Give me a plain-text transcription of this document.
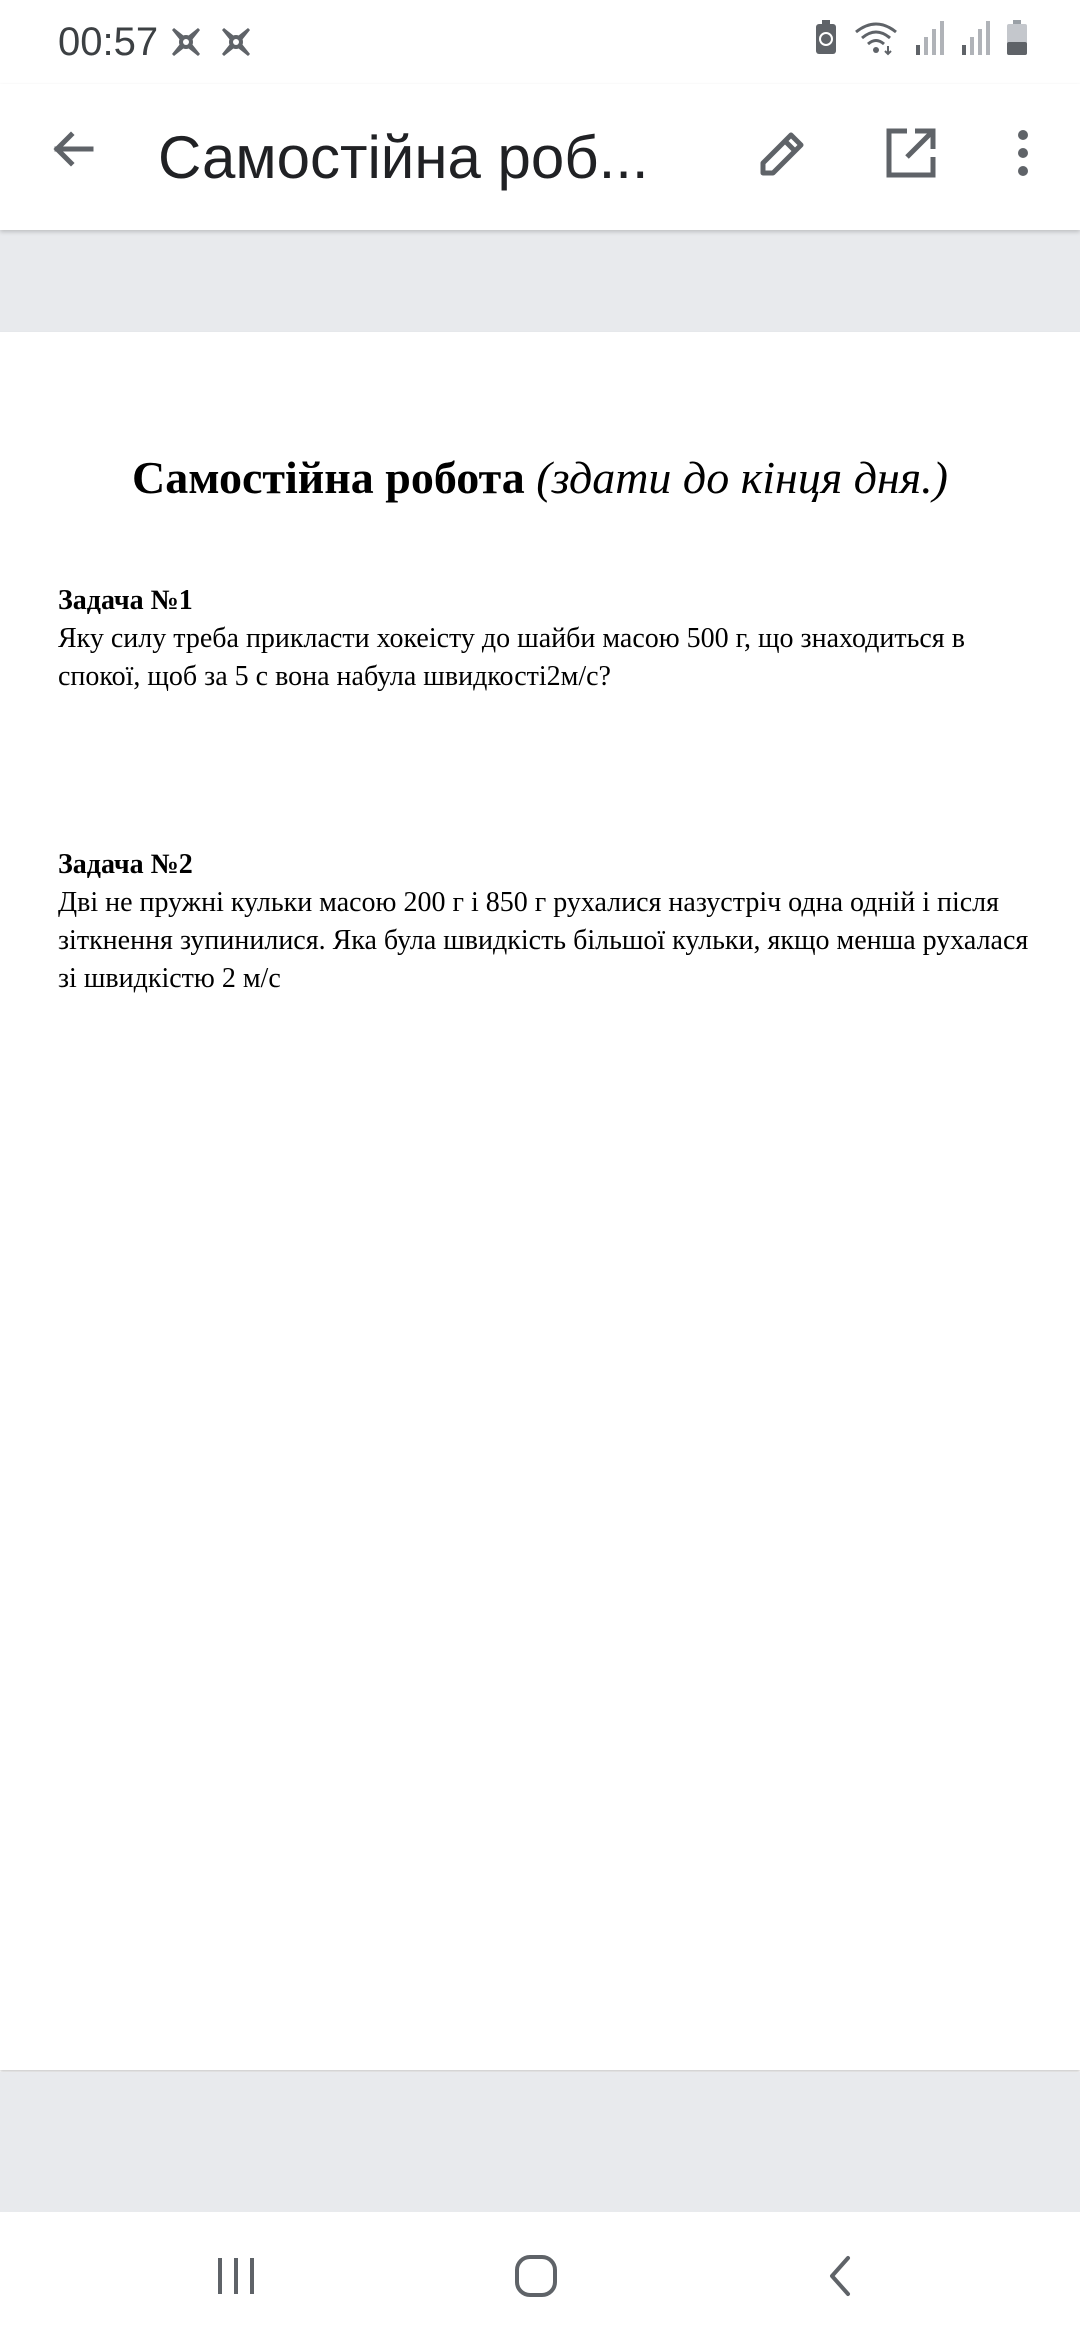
00:57
Самостійна роб...
Самостійна робота (здати до кінця дня.)
Задача №1
Яку силу треба прикласти хокеісту до шайби масою 500 г, що знаходиться в спокої, щоб за 5 с вона набула швидкості2м/с?
Задача №2
Дві не пружні кульки масою 200 г і 850 г рухалися назустріч одна одній і після зіткнення зупинилися. Яка була швидкість більшої кульки, якщо менша рухалася зі швидкістю 2 м/с
